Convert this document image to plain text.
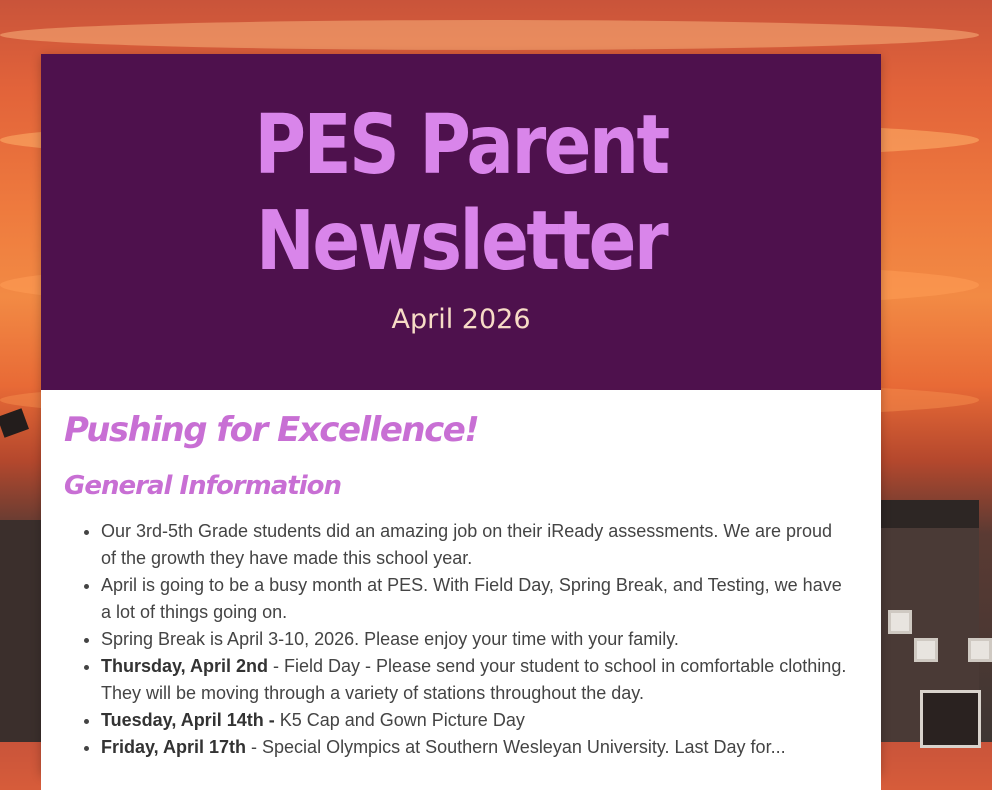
PES Parent
Newsletter
April 2026
Pushing for Excellence!
General Information
• Our 3rd-5th Grade students did an amazing job on their iReady assessments. We are proud of the growth they have made this school year.
• April is going to be a busy month at PES. With Field Day, Spring Break, and Testing, we have a lot of things going on.
• Spring Break is April 3-10, 2026. Please enjoy your time with your family.
• Thursday, April 2nd - Field Day - Please send your student to school in comfortable clothing. They will be moving through a variety of stations throughout the day.
• Tuesday, April 14th - K5 Cap and Gown Picture Day
• Friday, April 17th - Special Olympics at Southern Wesleyan University. Last Day for...
